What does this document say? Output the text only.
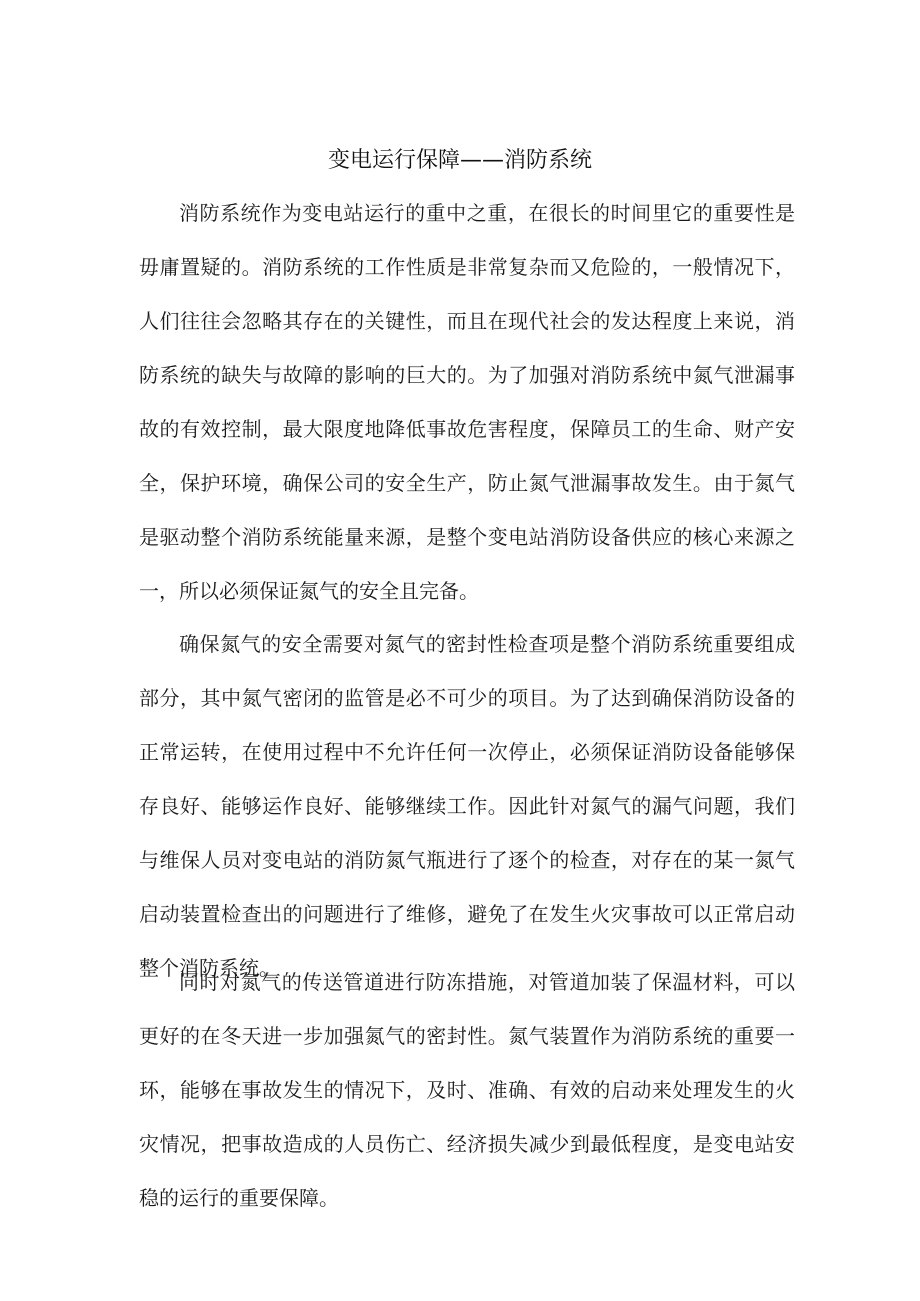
变电运行保障——消防系统

消防系统作为变电站运行的重中之重，在很长的时间里它的重要性是毋庸置疑的。消防系统的工作性质是非常复杂而又危险的，一般情况下，人们往往会忽略其存在的关键性，而且在现代社会的发达程度上来说，消防系统的缺失与故障的影响的巨大的。为了加强对消防系统中氮气泄漏事故的有效控制，最大限度地降低事故危害程度，保障员工的生命、财产安全，保护环境，确保公司的安全生产，防止氮气泄漏事故发生。由于氮气是驱动整个消防系统能量来源，是整个变电站消防设备供应的核心来源之一，所以必须保证氮气的安全且完备。

确保氮气的安全需要对氮气的密封性检查项是整个消防系统重要组成部分，其中氮气密闭的监管是必不可少的项目。为了达到确保消防设备的正常运转，在使用过程中不允许任何一次停止，必须保证消防设备能够保存良好、能够运作良好、能够继续工作。因此针对氮气的漏气问题，我们与维保人员对变电站的消防氮气瓶进行了逐个的检查，对存在的某一氮气启动装置检查出的问题进行了维修，避免了在发生火灾事故可以正常启动整个消防系统。

同时对氮气的传送管道进行防冻措施，对管道加装了保温材料，可以更好的在冬天进一步加强氮气的密封性。氮气装置作为消防系统的重要一环，能够在事故发生的情况下，及时、准确、有效的启动来处理发生的火灾情况，把事故造成的人员伤亡、经济损失减少到最低程度，是变电站安稳的运行的重要保障。
